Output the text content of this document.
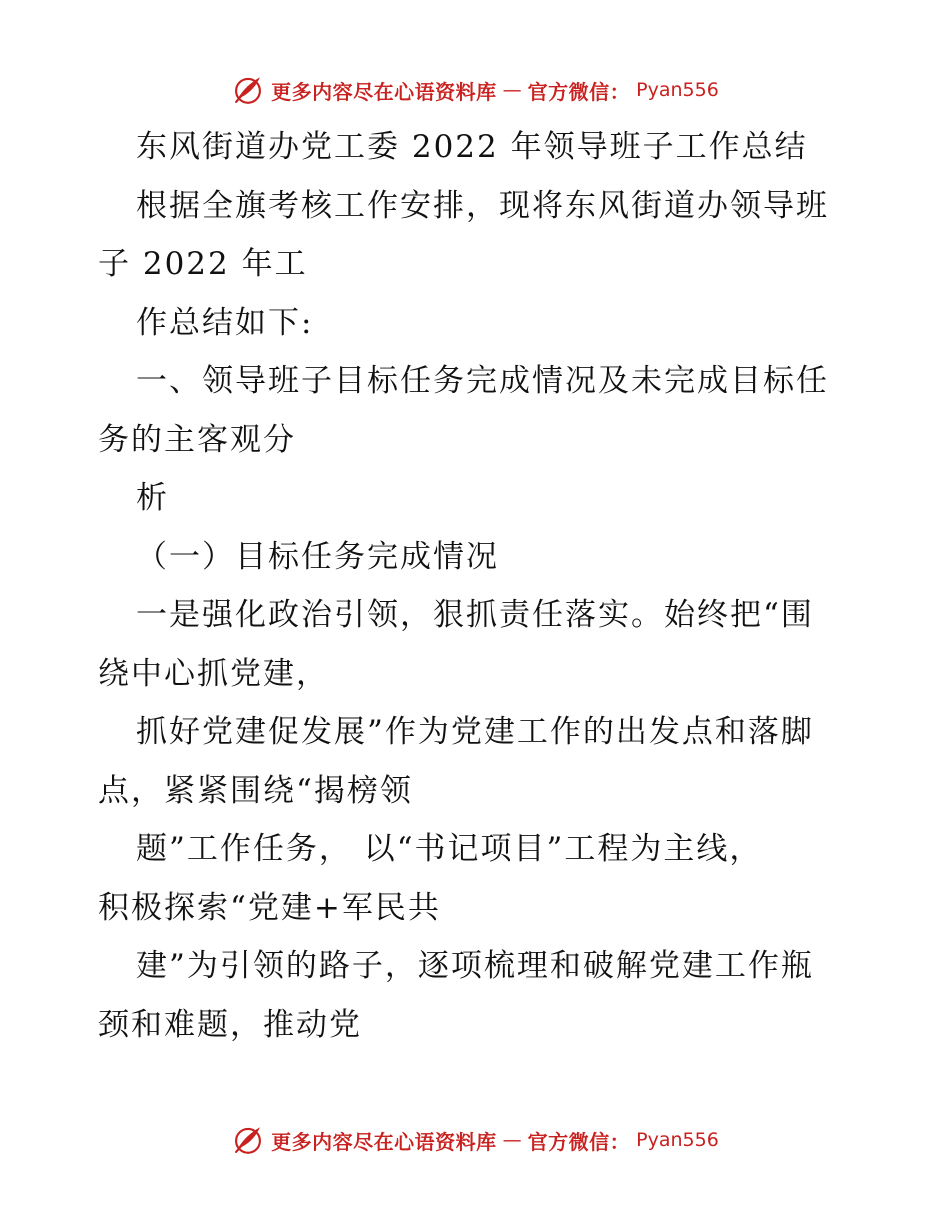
更多内容尽在心语资料库 — 官方微信： Pyan556
东风街道办党工委 2022 年领导班子工作总结
根据全旗考核工作安排，现将东风街道办领导班
子 2022 年工
作总结如下:
一、领导班子目标任务完成情况及未完成目标任
务的主客观分
析
（一）目标任务完成情况
一是强化政治引领，狠抓责任落实。始终把“围
绕中心抓党建，
抓好党建促发展”作为党建工作的出发点和落脚
点，紧紧围绕“揭榜领
题”工作任务， 以“书记项目”工程为主线，
积极探索“党建+军民共
建”为引领的路子，逐项梳理和破解党建工作瓶
颈和难题，推动党
更多内容尽在心语资料库 — 官方微信： Pyan556
